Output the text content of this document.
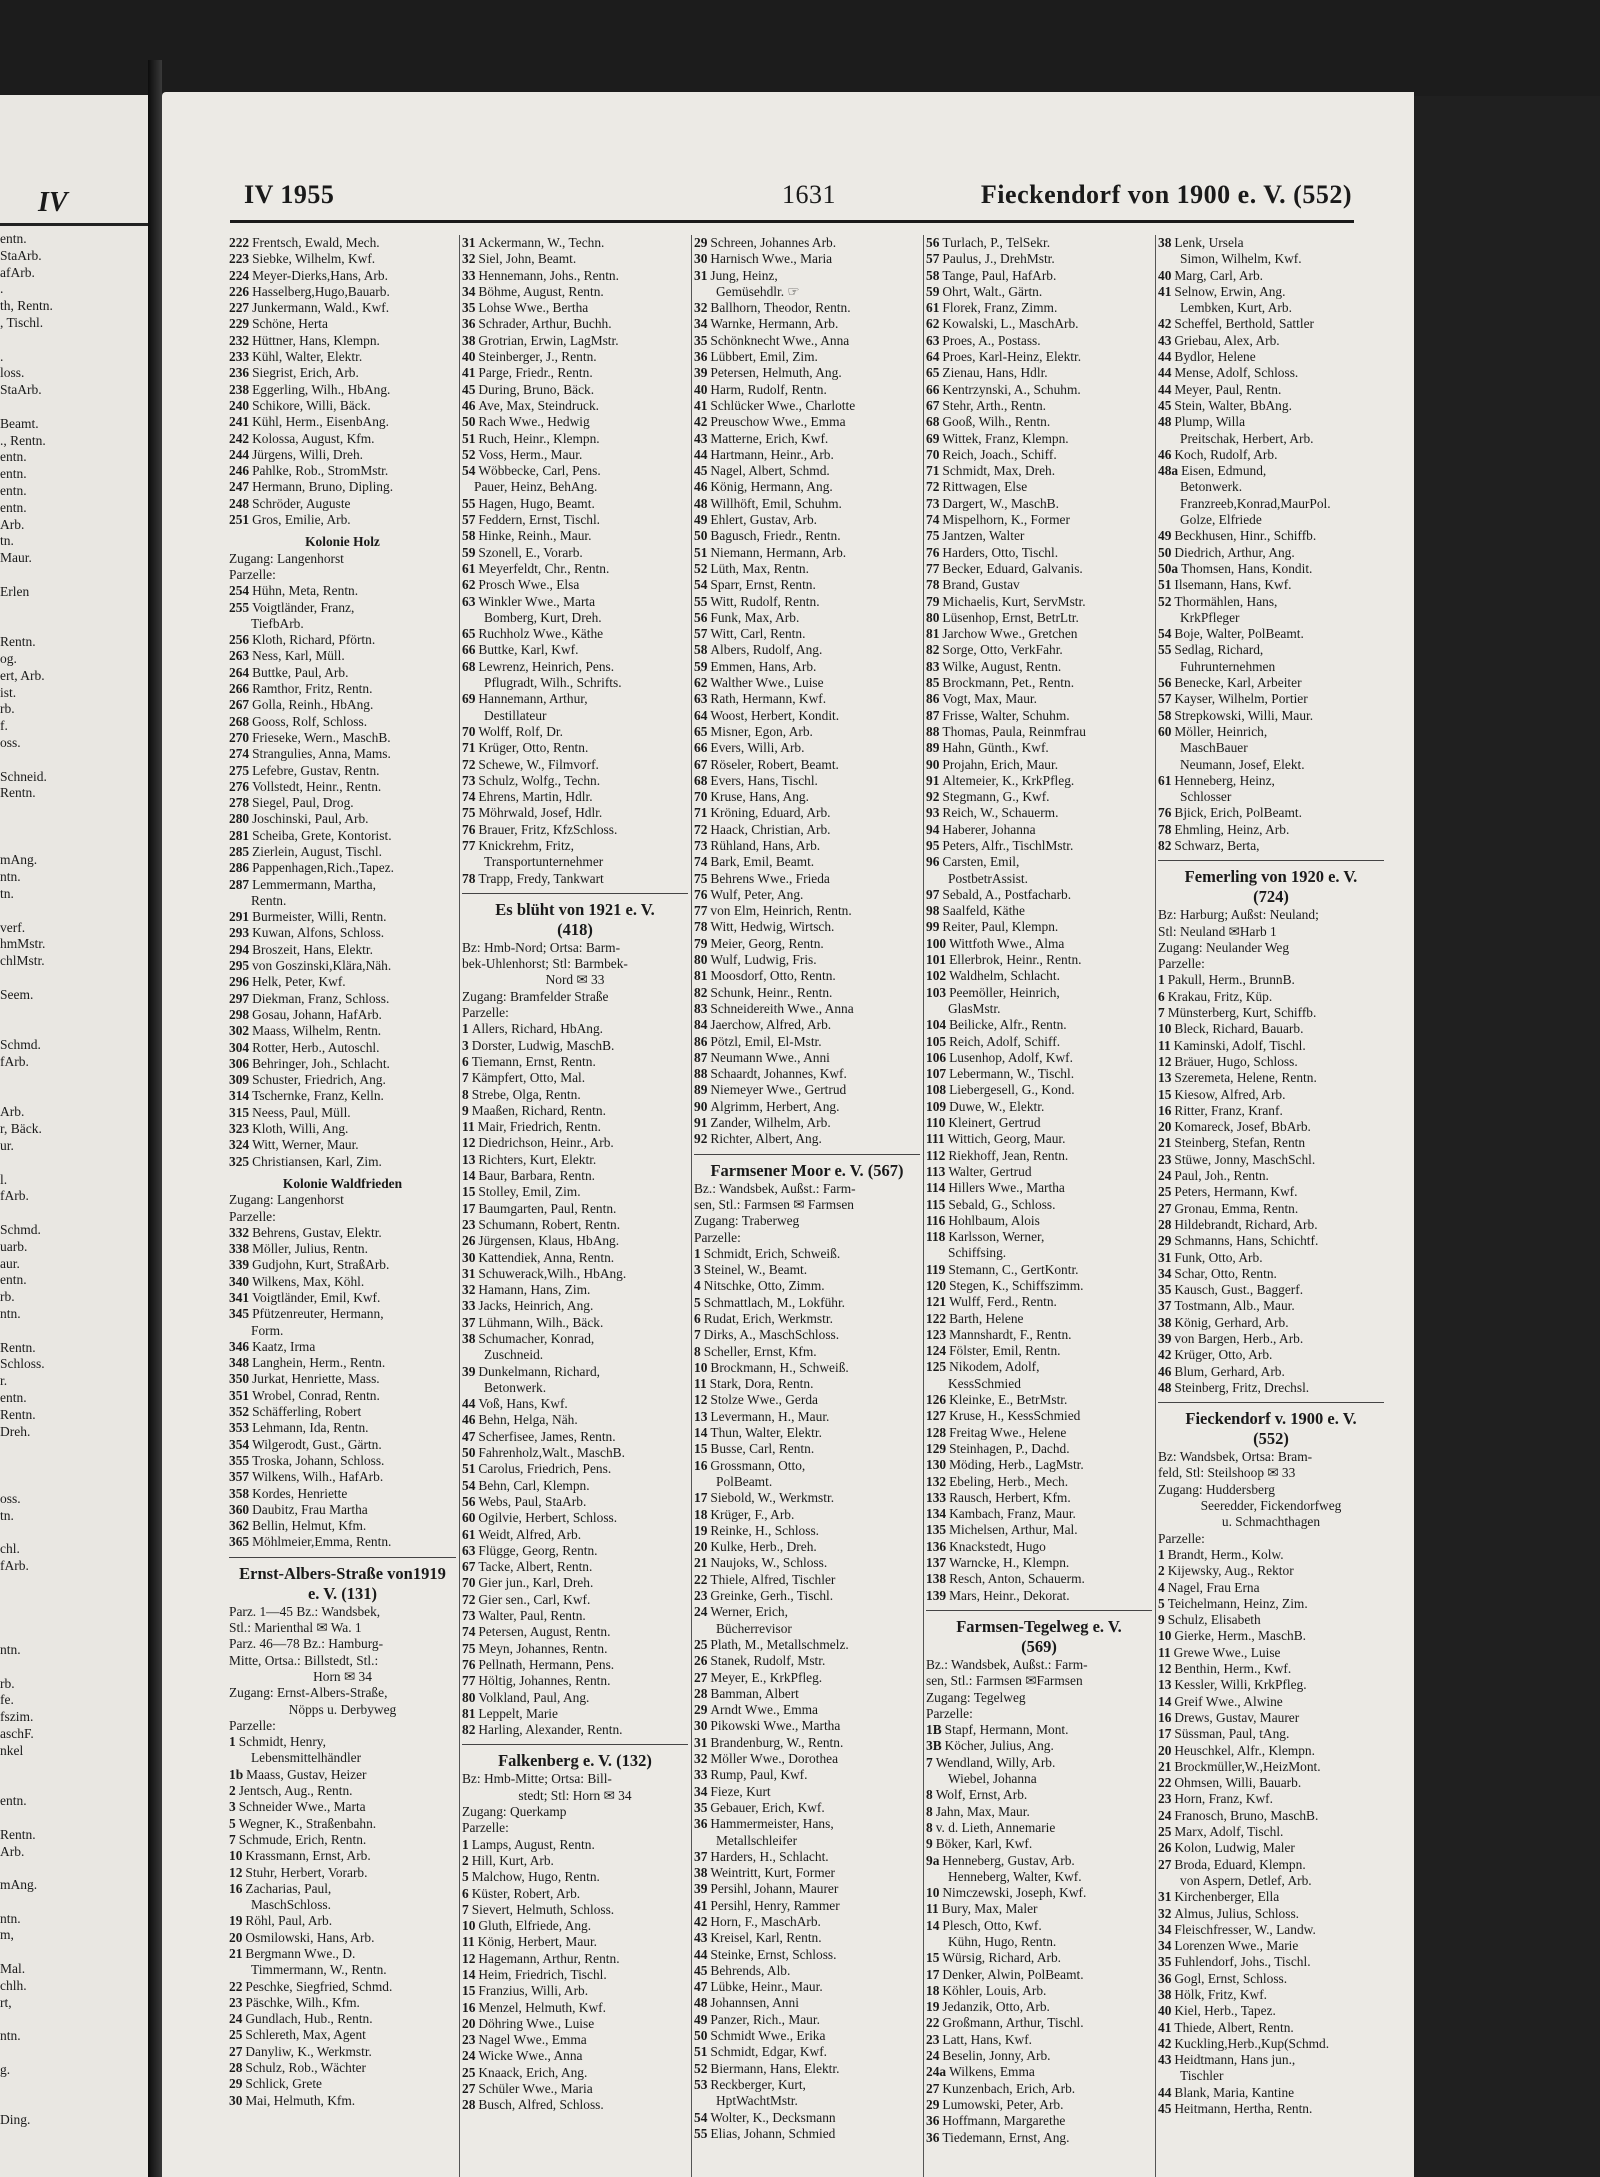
IV
entn.
StaArb.
afArb.
.
th, Rentn.
, Tischl.

.
loss.
StaArb.

Beamt.
., Rentn.
entn.
entn.
entn.
entn.
Arb.
tn.
Maur.

Erlen

Rentn.
og.
ert, Arb.
ist.
rb.
f.
oss.

Schneid.
Rentn.

mAng.
ntn.
tn.

verf.
hmMstr.
chlMstr.

Seem.

Schmd.
fArb.

Arb.
r, Bäck.
ur.

l.
fArb.

Schmd.
uarb.
aur.
entn.
rb.
ntn.

Rentn.
Schloss.
r.
entn.
Rentn.
Dreh.

oss.
tn.

chl.
fArb.

ntn.

rb.
fe.
fszim.
aschF.
nkel

entn.

Rentn.
Arb.

mAng.

ntn.
m,

Mal.
chlh.
rt,

ntn.

g.

Ding.
IV 1955	1631	Fieckendorf von 1900 e. V. (552)
222 Frentsch, Ewald, Mech.
223 Siebke, Wilhelm, Kwf.
224 Meyer-Dierks,Hans, Arb.
226 Hasselberg,Hugo,Bauarb.
227 Junkermann, Wald., Kwf.
229 Schöne, Herta
232 Hüttner, Hans, Klempn.
233 Kühl, Walter, Elektr.
236 Siegrist, Erich, Arb.
238 Eggerling, Wilh., HbAng.
240 Schikore, Willi, Bäck.
241 Kühl, Herm., EisenbAng.
242 Kolossa, August, Kfm.
244 Jürgens, Willi, Dreh.
246 Pahlke, Rob., StromMstr.
247 Hermann, Bruno, Dipling.
248 Schröder, Auguste
251 Gros, Emilie, Arb.
Kolonie Holz
Zugang: Langenhorst
Parzelle:
254 Hühn, Meta, Rentn.
255 Voigtländer, Franz,
TiefbArb.
256 Kloth, Richard, Pförtn.
263 Ness, Karl, Müll.
264 Buttke, Paul, Arb.
266 Ramthor, Fritz, Rentn.
267 Golla, Reinh., HbAng.
268 Gooss, Rolf, Schloss.
270 Frieseke, Wern., MaschB.
274 Strangulies, Anna, Mams.
275 Lefebre, Gustav, Rentn.
276 Vollstedt, Heinr., Rentn.
278 Siegel, Paul, Drog.
280 Joschinski, Paul, Arb.
281 Scheiba, Grete, Kontorist.
285 Zierlein, August, Tischl.
286 Pappenhagen,Rich.,Tapez.
287 Lemmermann, Martha,
Rentn.
291 Burmeister, Willi, Rentn.
293 Kuwan, Alfons, Schloss.
294 Broszeit, Hans, Elektr.
295 von Goszinski,Klära,Näh.
296 Helk, Peter, Kwf.
297 Diekman, Franz, Schloss.
298 Gosau, Johann, HafArb.
302 Maass, Wilhelm, Rentn.
304 Rotter, Herb., Autoschl.
306 Behringer, Joh., Schlacht.
309 Schuster, Friedrich, Ang.
314 Tschernke, Franz, Kelln.
315 Neess, Paul, Müll.
323 Kloth, Willi, Ang.
324 Witt, Werner, Maur.
325 Christiansen, Karl, Zim.
Kolonie Waldfrieden
Zugang: Langenhorst
Parzelle:
332 Behrens, Gustav, Elektr.
338 Möller, Julius, Rentn.
339 Gudjohn, Kurt, StraßArb.
340 Wilkens, Max, Köhl.
341 Voigtländer, Emil, Kwf.
345 Pfützenreuter, Hermann,
Form.
346 Kaatz, Irma
348 Langhein, Herm., Rentn.
350 Jurkat, Henriette, Mass.
351 Wrobel, Conrad, Rentn.
352 Schäfferling, Robert
353 Lehmann, Ida, Rentn.
354 Wilgerodt, Gust., Gärtn.
355 Troska, Johann, Schloss.
357 Wilkens, Wilh., HafArb.
358 Kordes, Henriette
360 Daubitz, Frau Martha
362 Bellin, Helmut, Kfm.
365 Möhlmeier,Emma, Rentn.
Ernst-Albers-Straße von1919
e. V. (131)
Parz. 1—45 Bz.: Wandsbek,
Stl.: Marienthal ✉ Wa. 1
Parz. 46—78 Bz.: Hamburg-
Mitte, Ortsa.: Billstedt, Stl.:
Horn ✉ 34
Zugang: Ernst-Albers-Straße,
Nöpps u. Derbyweg
Parzelle:
1 Schmidt, Henry,
Lebensmittelhändler
1b Maass, Gustav, Heizer
2 Jentsch, Aug., Rentn.
3 Schneider Wwe., Marta
5 Wegner, K., Straßenbahn.
7 Schmude, Erich, Rentn.
10 Krassmann, Ernst, Arb.
12 Stuhr, Herbert, Vorarb.
16 Zacharias, Paul,
MaschSchloss.
19 Röhl, Paul, Arb.
20 Osmilowski, Hans, Arb.
21 Bergmann Wwe., D.
Timmermann, W., Rentn.
22 Peschke, Siegfried, Schmd.
23 Päschke, Wilh., Kfm.
24 Gundlach, Hub., Rentn.
25 Schlereth, Max, Agent
27 Danyliw, K., Werkmstr.
28 Schulz, Rob., Wächter
29 Schlick, Grete
30 Mai, Helmuth, Kfm.
31 Ackermann, W., Techn.
32 Siel, John, Beamt.
33 Hennemann, Johs., Rentn.
34 Böhme, August, Rentn.
35 Lohse Wwe., Bertha
36 Schrader, Arthur, Buchh.
38 Grotrian, Erwin, LagMstr.
40 Steinberger, J., Rentn.
41 Parge, Friedr., Rentn.
45 During, Bruno, Bäck.
46 Ave, Max, Steindruck.
50 Rach Wwe., Hedwig
51 Ruch, Heinr., Klempn.
52 Voss, Herm., Maur.
54 Wöbbecke, Carl, Pens.
Pauer, Heinz, BehAng.
55 Hagen, Hugo, Beamt.
57 Feddern, Ernst, Tischl.
58 Hinke, Reinh., Maur.
59 Szonell, E., Vorarb.
61 Meyerfeldt, Chr., Rentn.
62 Prosch Wwe., Elsa
63 Winkler Wwe., Marta
Bomberg, Kurt, Dreh.
65 Ruchholz Wwe., Käthe
66 Buttke, Karl, Kwf.
68 Lewrenz, Heinrich, Pens.
Pflugradt, Wilh., Schrifts.
69 Hannemann, Arthur,
Destillateur
70 Wolff, Rolf, Dr.
71 Krüger, Otto, Rentn.
72 Schewe, W., Filmvorf.
73 Schulz, Wolfg., Techn.
74 Ehrens, Martin, Hdlr.
75 Möhrwald, Josef, Hdlr.
76 Brauer, Fritz, KfzSchloss.
77 Knickrehm, Fritz,
Transportunternehmer
78 Trapp, Fredy, Tankwart
Es blüht von 1921 e. V.
(418)
Bz: Hmb-Nord; Ortsa: Barm-
bek-Uhlenhorst; Stl: Barmbek-
Nord ✉ 33
Zugang: Bramfelder Straße
Parzelle:
1 Allers, Richard, HbAng.
3 Dorster, Ludwig, MaschB.
6 Tiemann, Ernst, Rentn.
7 Kämpfert, Otto, Mal.
8 Strebe, Olga, Rentn.
9 Maaßen, Richard, Rentn.
11 Mair, Friedrich, Rentn.
12 Diedrichson, Heinr., Arb.
13 Richters, Kurt, Elektr.
14 Baur, Barbara, Rentn.
15 Stolley, Emil, Zim.
17 Baumgarten, Paul, Rentn.
23 Schumann, Robert, Rentn.
26 Jürgensen, Klaus, HbAng.
30 Kattendiek, Anna, Rentn.
31 Schuwerack,Wilh., HbAng.
32 Hamann, Hans, Zim.
33 Jacks, Heinrich, Ang.
37 Lühmann, Wilh., Bäck.
38 Schumacher, Konrad,
Zuschneid.
39 Dunkelmann, Richard,
Betonwerk.
44 Voß, Hans, Kwf.
46 Behn, Helga, Näh.
47 Scherfisee, James, Rentn.
50 Fahrenholz,Walt., MaschB.
51 Carolus, Friedrich, Pens.
54 Behn, Carl, Klempn.
56 Webs, Paul, StaArb.
60 Ogilvie, Herbert, Schloss.
61 Weidt, Alfred, Arb.
63 Flügge, Georg, Rentn.
67 Tacke, Albert, Rentn.
70 Gier jun., Karl, Dreh.
72 Gier sen., Carl, Kwf.
73 Walter, Paul, Rentn.
74 Petersen, August, Rentn.
75 Meyn, Johannes, Rentn.
76 Pellnath, Hermann, Pens.
77 Höltig, Johannes, Rentn.
80 Volkland, Paul, Ang.
81 Leppelt, Marie
82 Harling, Alexander, Rentn.
Falkenberg e. V. (132)
Bz: Hmb-Mitte; Ortsa: Bill-
stedt; Stl: Horn ✉ 34
Zugang: Querkamp
Parzelle:
1 Lamps, August, Rentn.
2 Hill, Kurt, Arb.
5 Malchow, Hugo, Rentn.
6 Küster, Robert, Arb.
7 Sievert, Helmuth, Schloss.
10 Gluth, Elfriede, Ang.
11 König, Herbert, Maur.
12 Hagemann, Arthur, Rentn.
14 Heim, Friedrich, Tischl.
15 Franzius, Willi, Arb.
16 Menzel, Helmuth, Kwf.
20 Döhring Wwe., Luise
23 Nagel Wwe., Emma
24 Wicke Wwe., Anna
25 Knaack, Erich, Ang.
27 Schüler Wwe., Maria
28 Busch, Alfred, Schloss.
29 Schreen, Johannes Arb.
30 Harnisch Wwe., Maria
31 Jung, Heinz,
Gemüsehdlr. ☞
32 Ballhorn, Theodor, Rentn.
34 Warnke, Hermann, Arb.
35 Schönknecht Wwe., Anna
36 Lübbert, Emil, Zim.
39 Petersen, Helmuth, Ang.
40 Harm, Rudolf, Rentn.
41 Schlücker Wwe., Charlotte
42 Preuschow Wwe., Emma
43 Matterne, Erich, Kwf.
44 Hartmann, Heinr., Arb.
45 Nagel, Albert, Schmd.
46 König, Hermann, Ang.
48 Willhöft, Emil, Schuhm.
49 Ehlert, Gustav, Arb.
50 Bagusch, Friedr., Rentn.
51 Niemann, Hermann, Arb.
52 Lüth, Max, Rentn.
54 Sparr, Ernst, Rentn.
55 Witt, Rudolf, Rentn.
56 Funk, Max, Arb.
57 Witt, Carl, Rentn.
58 Albers, Rudolf, Ang.
59 Emmen, Hans, Arb.
62 Walther Wwe., Luise
63 Rath, Hermann, Kwf.
64 Woost, Herbert, Kondit.
65 Misner, Egon, Arb.
66 Evers, Willi, Arb.
67 Röseler, Robert, Beamt.
68 Evers, Hans, Tischl.
70 Kruse, Hans, Ang.
71 Kröning, Eduard, Arb.
72 Haack, Christian, Arb.
73 Rühland, Hans, Arb.
74 Bark, Emil, Beamt.
75 Behrens Wwe., Frieda
76 Wulf, Peter, Ang.
77 von Elm, Heinrich, Rentn.
78 Witt, Hedwig, Wirtsch.
79 Meier, Georg, Rentn.
80 Wulf, Ludwig, Fris.
81 Moosdorf, Otto, Rentn.
82 Schunk, Heinr., Rentn.
83 Schneidereith Wwe., Anna
84 Jaerchow, Alfred, Arb.
86 Pötzl, Emil, El-Mstr.
87 Neumann Wwe., Anni
88 Schaardt, Johannes, Kwf.
89 Niemeyer Wwe., Gertrud
90 Algrimm, Herbert, Ang.
91 Zander, Wilhelm, Arb.
92 Richter, Albert, Ang.
Farmsener Moor e. V. (567)
Bz.: Wandsbek, Außst.: Farm-
sen, Stl.: Farmsen ✉ Farmsen
Zugang: Traberweg
Parzelle:
1 Schmidt, Erich, Schweiß.
3 Steinel, W., Beamt.
4 Nitschke, Otto, Zimm.
5 Schmattlach, M., Lokführ.
6 Rudat, Erich, Werkmstr.
7 Dirks, A., MaschSchloss.
8 Scheller, Ernst, Kfm.
10 Brockmann, H., Schweiß.
11 Stark, Dora, Rentn.
12 Stolze Wwe., Gerda
13 Levermann, H., Maur.
14 Thun, Walter, Elektr.
15 Busse, Carl, Rentn.
16 Grossmann, Otto,
PolBeamt.
17 Siebold, W., Werkmstr.
18 Krüger, F., Arb.
19 Reinke, H., Schloss.
20 Kulke, Herb., Dreh.
21 Naujoks, W., Schloss.
22 Thiele, Alfred, Tischler
23 Greinke, Gerh., Tischl.
24 Werner, Erich,
Bücherrevisor
25 Plath, M., Metallschmelz.
26 Stanek, Rudolf, Mstr.
27 Meyer, E., KrkPfleg.
28 Bamman, Albert
29 Arndt Wwe., Emma
30 Pikowski Wwe., Martha
31 Brandenburg, W., Rentn.
32 Möller Wwe., Dorothea
33 Rump, Paul, Kwf.
34 Fieze, Kurt
35 Gebauer, Erich, Kwf.
36 Hammermeister, Hans,
Metallschleifer
37 Harders, H., Schlacht.
38 Weintritt, Kurt, Former
39 Persihl, Johann, Maurer
41 Persihl, Henry, Rammer
42 Horn, F., MaschArb.
43 Kreisel, Karl, Rentn.
44 Steinke, Ernst, Schloss.
45 Behrends, Alb.
47 Lübke, Heinr., Maur.
48 Johannsen, Anni
49 Panzer, Rich., Maur.
50 Schmidt Wwe., Erika
51 Schmidt, Edgar, Kwf.
52 Biermann, Hans, Elektr.
53 Reckberger, Kurt,
HptWachtMstr.
54 Wolter, K., Decksmann
55 Elias, Johann, Schmied
56 Turlach, P., TelSekr.
57 Paulus, J., DrehMstr.
58 Tange, Paul, HafArb.
59 Ohrt, Walt., Gärtn.
61 Florek, Franz, Zimm.
62 Kowalski, L., MaschArb.
63 Proes, A., Postass.
64 Proes, Karl-Heinz, Elektr.
65 Zienau, Hans, Hdlr.
66 Kentrzynski, A., Schuhm.
67 Stehr, Arth., Rentn.
68 Gooß, Wilh., Rentn.
69 Wittek, Franz, Klempn.
70 Reich, Joach., Schiff.
71 Schmidt, Max, Dreh.
72 Rittwagen, Else
73 Dargert, W., MaschB.
74 Mispelhorn, K., Former
75 Jantzen, Walter
76 Harders, Otto, Tischl.
77 Becker, Eduard, Galvanis.
78 Brand, Gustav
79 Michaelis, Kurt, ServMstr.
80 Lüsenhop, Ernst, BetrLtr.
81 Jarchow Wwe., Gretchen
82 Sorge, Otto, VerkFahr.
83 Wilke, August, Rentn.
85 Brockmann, Pet., Rentn.
86 Vogt, Max, Maur.
87 Frisse, Walter, Schuhm.
88 Thomas, Paula, Reinmfrau
89 Hahn, Günth., Kwf.
90 Projahn, Erich, Maur.
91 Altemeier, K., KrkPfleg.
92 Stegmann, G., Kwf.
93 Reich, W., Schauerm.
94 Haberer, Johanna
95 Peters, Alfr., TischlMstr.
96 Carsten, Emil,
PostbetrAssist.
97 Sebald, A., Postfacharb.
98 Saalfeld, Käthe
99 Reiter, Paul, Klempn.
100 Wittfoth Wwe., Alma
101 Ellerbrok, Heinr., Rentn.
102 Waldhelm, Schlacht.
103 Peemöller, Heinrich,
GlasMstr.
104 Beilicke, Alfr., Rentn.
105 Reich, Adolf, Schiff.
106 Lusenhop, Adolf, Kwf.
107 Lebermann, W., Tischl.
108 Liebergesell, G., Kond.
109 Duwe, W., Elektr.
110 Kleinert, Gertrud
111 Wittich, Georg, Maur.
112 Riekhoff, Jean, Rentn.
113 Walter, Gertrud
114 Hillers Wwe., Martha
115 Sebald, G., Schloss.
116 Hohlbaum, Alois
118 Karlsson, Werner,
Schiffsing.
119 Stemann, C., GertKontr.
120 Stegen, K., Schiffszimm.
121 Wulff, Ferd., Rentn.
122 Barth, Helene
123 Mannshardt, F., Rentn.
124 Fölster, Emil, Rentn.
125 Nikodem, Adolf,
KessSchmied
126 Kleinke, E., BetrMstr.
127 Kruse, H., KessSchmied
128 Freitag Wwe., Helene
129 Steinhagen, P., Dachd.
130 Möding, Herb., LagMstr.
132 Ebeling, Herb., Mech.
133 Rausch, Herbert, Kfm.
134 Kambach, Franz, Maur.
135 Michelsen, Arthur, Mal.
136 Knackstedt, Hugo
137 Warncke, H., Klempn.
138 Resch, Anton, Schauerm.
139 Mars, Heinr., Dekorat.
Farmsen-Tegelweg e. V.
(569)
Bz.: Wandsbek, Außst.: Farm-
sen, Stl.: Farmsen ✉Farmsen
Zugang: Tegelweg
Parzelle:
1B Stapf, Hermann, Mont.
3B Köcher, Julius, Ang.
7 Wendland, Willy, Arb.
Wiebel, Johanna
8 Wolf, Ernst, Arb.
8 Jahn, Max, Maur.
8 v. d. Lieth, Annemarie
9 Böker, Karl, Kwf.
9a Henneberg, Gustav, Arb.
Henneberg, Walter, Kwf.
10 Nimczewski, Joseph, Kwf.
11 Bury, Max, Maler
14 Plesch, Otto, Kwf.
Kühn, Hugo, Rentn.
15 Würsig, Richard, Arb.
17 Denker, Alwin, PolBeamt.
18 Köhler, Louis, Arb.
19 Jedanzik, Otto, Arb.
22 Großmann, Arthur, Tischl.
23 Latt, Hans, Kwf.
24 Beselin, Jonny, Arb.
24a Wilkens, Emma
27 Kunzenbach, Erich, Arb.
29 Lumowski, Peter, Arb.
36 Hoffmann, Margarethe
36 Tiedemann, Ernst, Ang.
38 Lenk, Ursela
Simon, Wilhelm, Kwf.
40 Marg, Carl, Arb.
41 Selnow, Erwin, Ang.
Lembken, Kurt, Arb.
42 Scheffel, Berthold, Sattler
43 Griebau, Alex, Arb.
44 Bydlor, Helene
44 Mense, Adolf, Schloss.
44 Meyer, Paul, Rentn.
45 Stein, Walter, BbAng.
48 Plump, Willa
Preitschak, Herbert, Arb.
46 Koch, Rudolf, Arb.
48a Eisen, Edmund,
Betonwerk.
Franzreeb,Konrad,MaurPol.
Golze, Elfriede
49 Beckhusen, Hinr., Schiffb.
50 Diedrich, Arthur, Ang.
50a Thomsen, Hans, Kondit.
51 Ilsemann, Hans, Kwf.
52 Thormählen, Hans,
KrkPfleger
54 Boje, Walter, PolBeamt.
55 Sedlag, Richard,
Fuhrunternehmen
56 Benecke, Karl, Arbeiter
57 Kayser, Wilhelm, Portier
58 Strepkowski, Willi, Maur.
60 Möller, Heinrich,
MaschBauer
Neumann, Josef, Elekt.
61 Henneberg, Heinz,
Schlosser
76 Bjick, Erich, PolBeamt.
78 Ehmling, Heinz, Arb.
82 Schwarz, Berta,
Femerling von 1920 e. V.
(724)
Bz: Harburg; Außst: Neuland;
Stl: Neuland ✉Harb 1
Zugang: Neulander Weg
Parzelle:
1 Pakull, Herm., BrunnB.
6 Krakau, Fritz, Küp.
7 Münsterberg, Kurt, Schiffb.
10 Bleck, Richard, Bauarb.
11 Kaminski, Adolf, Tischl.
12 Bräuer, Hugo, Schloss.
13 Szeremeta, Helene, Rentn.
15 Kiesow, Alfred, Arb.
16 Ritter, Franz, Kranf.
20 Komareck, Josef, BbArb.
21 Steinberg, Stefan, Rentn
23 Stüwe, Jonny, MaschSchl.
24 Paul, Joh., Rentn.
25 Peters, Hermann, Kwf.
27 Gronau, Emma, Rentn.
28 Hildebrandt, Richard, Arb.
29 Schmanns, Hans, Schichtf.
31 Funk, Otto, Arb.
34 Schar, Otto, Rentn.
35 Kausch, Gust., Baggerf.
37 Tostmann, Alb., Maur.
38 König, Gerhard, Arb.
39 von Bargen, Herb., Arb.
42 Krüger, Otto, Arb.
46 Blum, Gerhard, Arb.
48 Steinberg, Fritz, Drechsl.
Fieckendorf v. 1900 e. V.
(552)
Bz: Wandsbek, Ortsa: Bram-
feld, Stl: Steilshoop ✉ 33
Zugang: Huddersberg
Seeredder, Fickendorfweg
u. Schmachthagen
Parzelle:
1 Brandt, Herm., Kolw.
2 Kijewsky, Aug., Rektor
4 Nagel, Frau Erna
5 Teichelmann, Heinz, Zim.
9 Schulz, Elisabeth
10 Gierke, Herm., MaschB.
11 Grewe Wwe., Luise
12 Benthin, Herm., Kwf.
13 Kessler, Willi, KrkPfleg.
14 Greif Wwe., Alwine
16 Drews, Gustav, Maurer
17 Süssman, Paul, tAng.
20 Heuschkel, Alfr., Klempn.
21 Brockmüller,W.,HeizMont.
22 Ohmsen, Willi, Bauarb.
23 Horn, Franz, Kwf.
24 Franosch, Bruno, MaschB.
25 Marx, Adolf, Tischl.
26 Kolon, Ludwig, Maler
27 Broda, Eduard, Klempn.
von Aspern, Detlef, Arb.
31 Kirchenberger, Ella
32 Almus, Julius, Schloss.
34 Fleischfresser, W., Landw.
34 Lorenzen Wwe., Marie
35 Fuhlendorf, Johs., Tischl.
36 Gogl, Ernst, Schloss.
38 Hölk, Fritz, Kwf.
40 Kiel, Herb., Tapez.
41 Thiede, Albert, Rentn.
42 Kuckling,Herb.,Kup(Schmd.
43 Heidtmann, Hans jun.,
Tischler
44 Blank, Maria, Kantine
45 Heitmann, Hertha, Rentn.
